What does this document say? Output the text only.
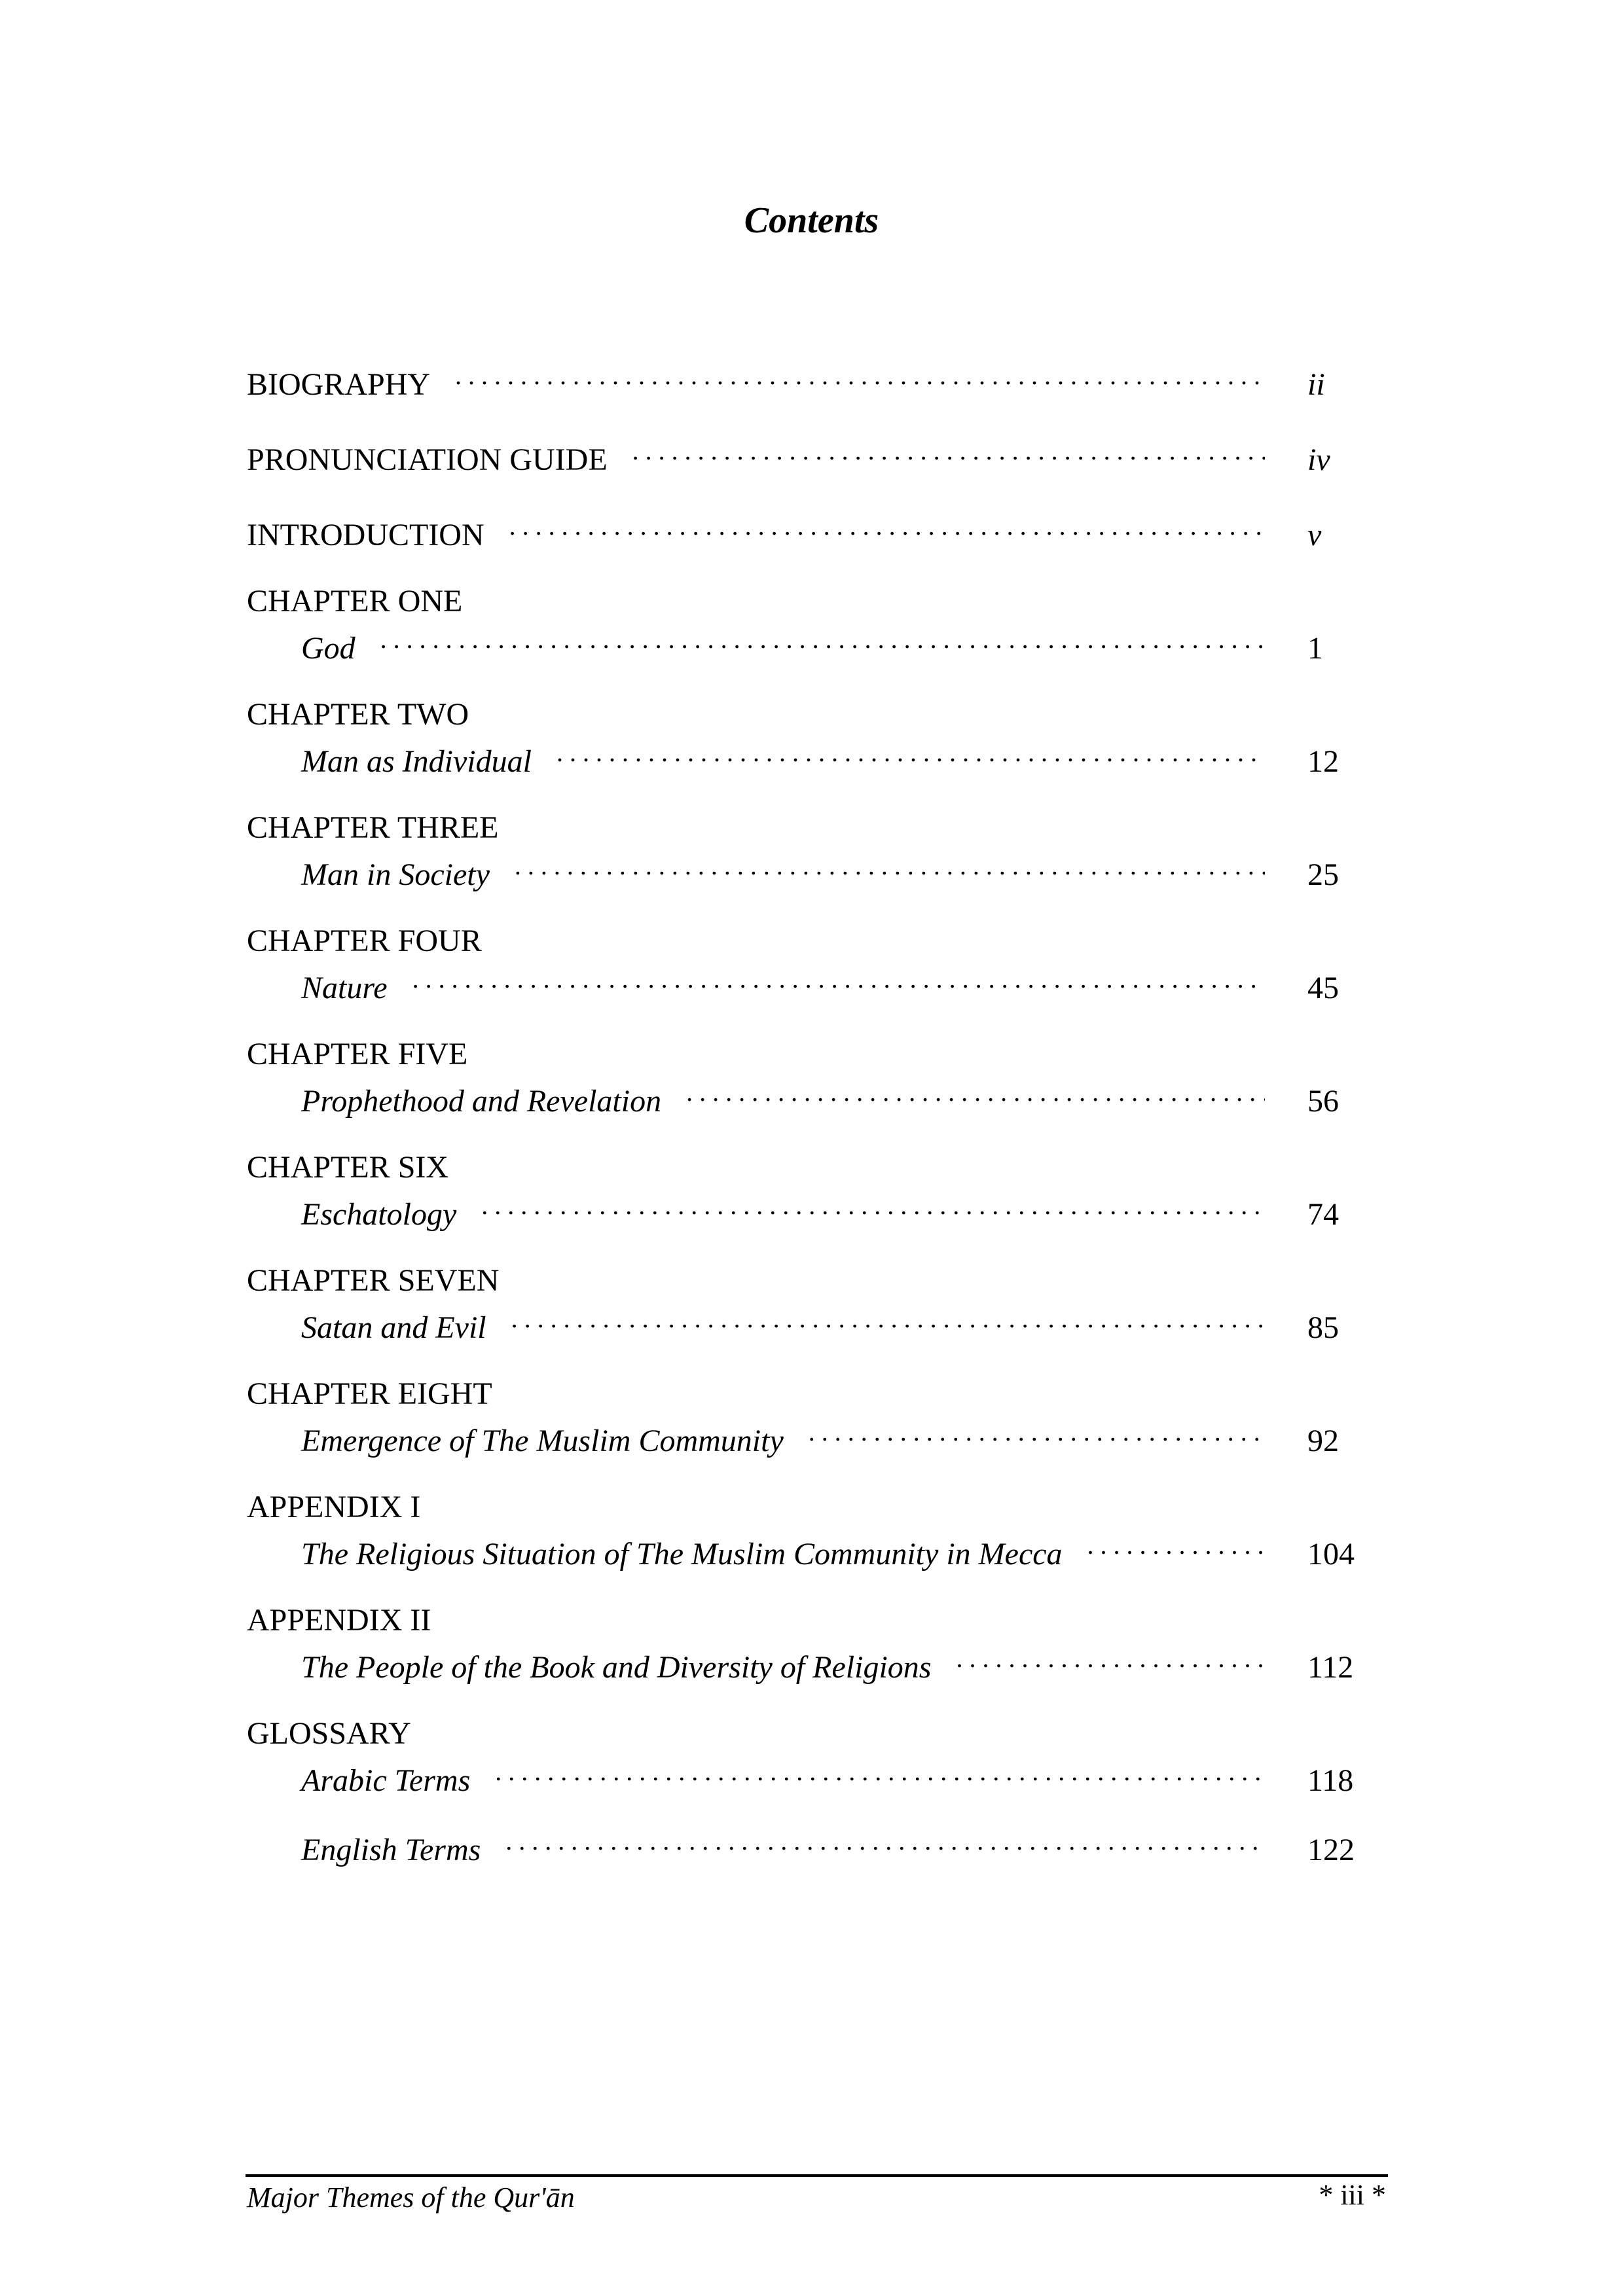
Contents
BIOGRAPHY . . .	ii
PRONUNCIATION GUIDE . . .	iv
INTRODUCTION . . .	v
CHAPTER ONE
God . . .	1
CHAPTER TWO
Man as Individual . . .	12
CHAPTER THREE
Man in Society . . .	25
CHAPTER FOUR
Nature . . .	45
CHAPTER FIVE
Prophethood and Revelation . . .	56
CHAPTER SIX
Eschatology . . .	74
CHAPTER SEVEN
Satan and Evil . . .	85
CHAPTER EIGHT
Emergence of The Muslim Community . . .	92
APPENDIX I
The Religious Situation of The Muslim Community in Mecca . . .	104
APPENDIX II
The People of the Book and Diversity of Religions . . .	112
GLOSSARY
Arabic Terms . . .	118
English Terms . . .	122
Major Themes of the Qur'ān	* iii *
